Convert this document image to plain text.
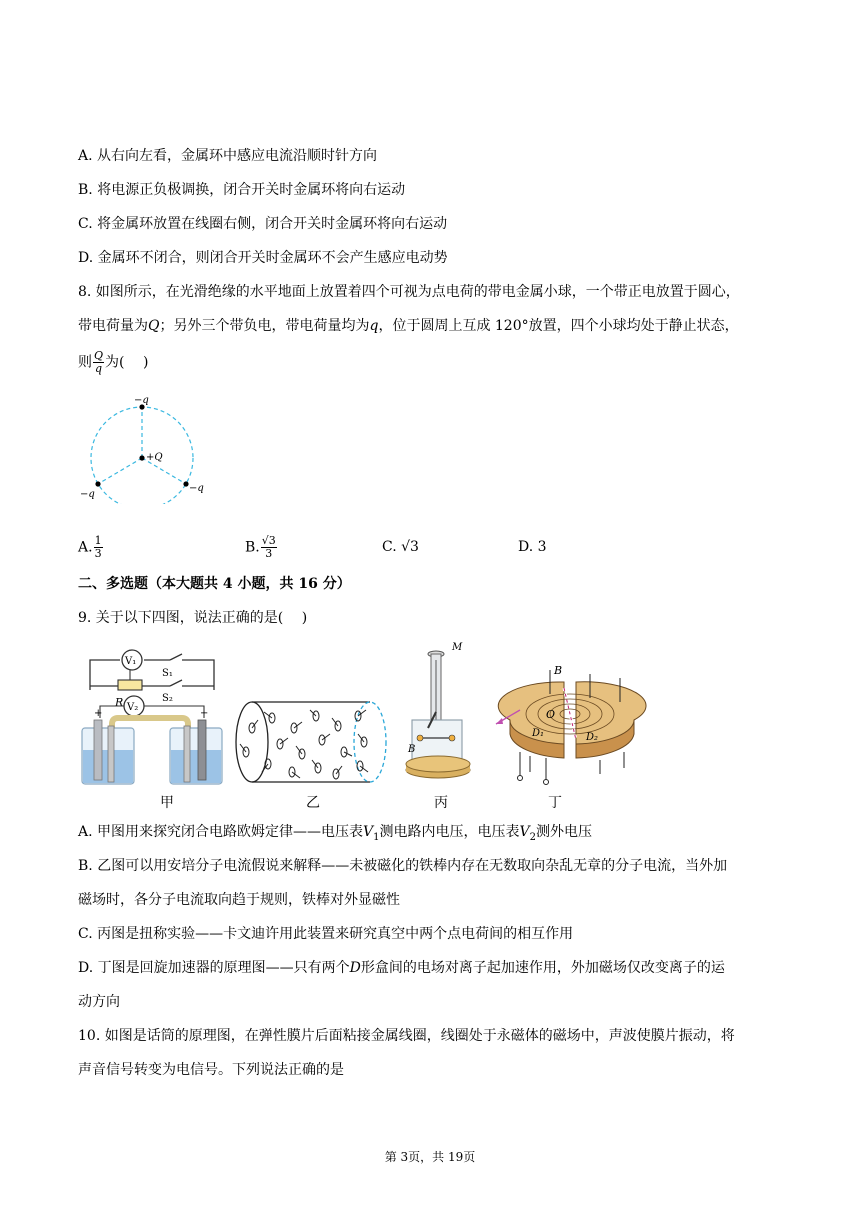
A. 从右向左看，金属环中感应电流沿顺时针方向
B. 将电源正负极调换，闭合开关时金属环将向右运动
C. 将金属环放置在线圈右侧，闭合开关时金属环将向右运动
D. 金属环不闭合，则闭合开关时金属环不会产生感应电动势
8. 如图所示，在光滑绝缘的水平地面上放置着四个可视为点电荷的带电金属小球，一个带正电放置于圆心，
带电荷量为Q；另外三个带负电，带电荷量均为q，位于圆周上互成 120°放置，四个小球均处于静止状态，
则 $\frac{Q}{q}$ 为(　 )
−q
+Q
−q
−q
A. $\frac{1}{3}$	B. $\frac{√3}{3}$	C. √3	D. 3
二、多选题（本大题共 4 小题，共 16 分）
9. 关于以下四图，说法正确的是(　 )
V₁
S₁
S₂
R V₂
+	−
M
B
B
O
D₁	D₂
甲	乙	丙	丁
A. 甲图用来探究闭合电路欧姆定律——电压表$V_1$测电路内电压，电压表$V_2$测外电压
B. 乙图可以用安培分子电流假说来解释——未被磁化的铁棒内存在无数取向杂乱无章的分子电流，当外加
磁场时，各分子电流取向趋于规则，铁棒对外显磁性
C. 丙图是扭称实验——卡文迪许用此装置来研究真空中两个点电荷间的相互作用
D. 丁图是回旋加速器的原理图——只有两个D形盒间的电场对离子起加速作用，外加磁场仅改变离子的运
动方向
10. 如图是话筒的原理图，在弹性膜片后面粘接金属线圈，线圈处于永磁体的磁场中，声波使膜片振动，将
声音信号转变为电信号。下列说法正确的是
第 3页，共 19页
